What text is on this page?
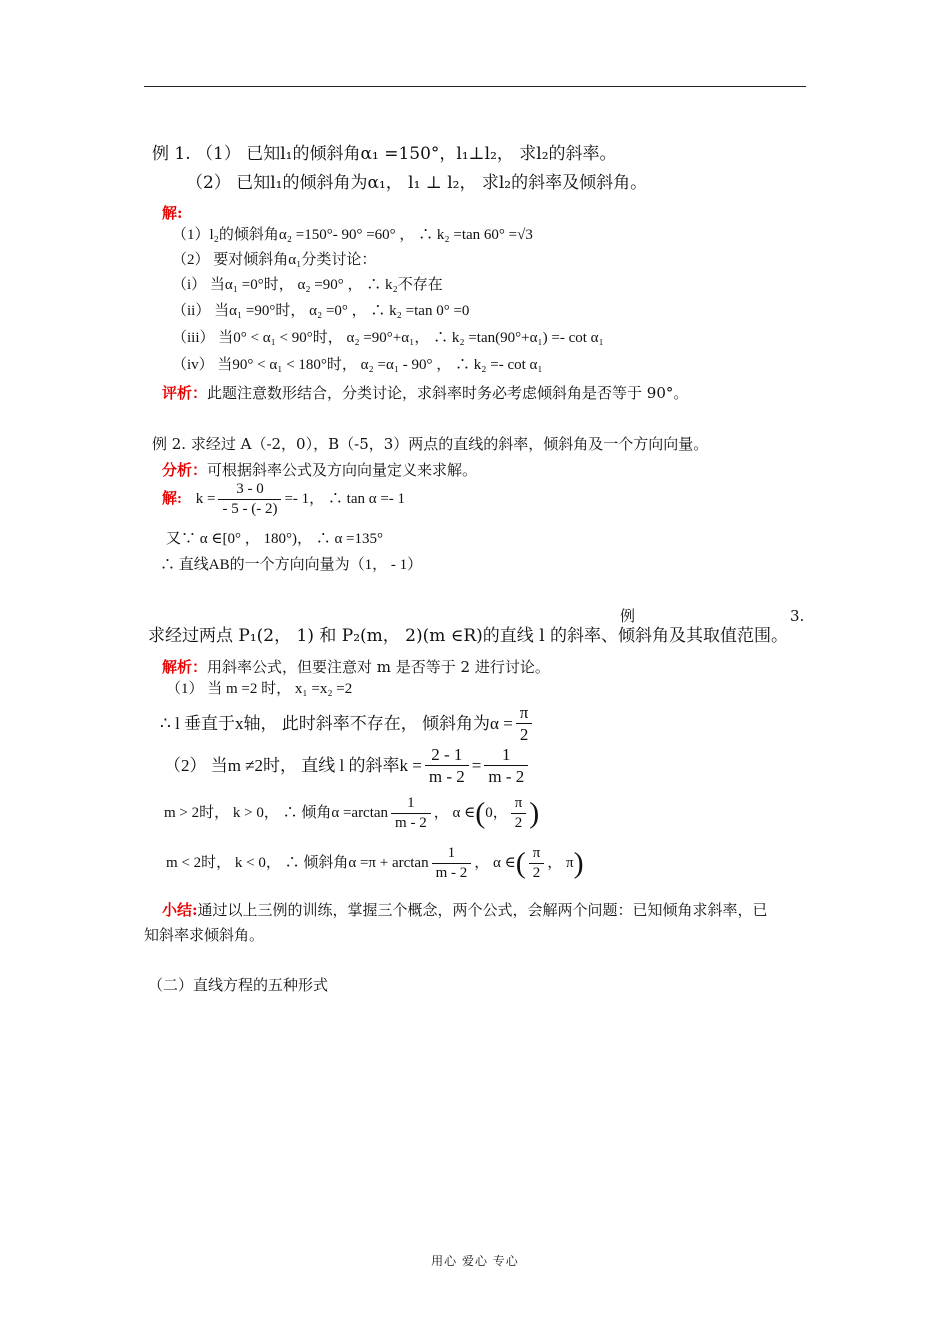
例 1. （1） 已知l₁的倾斜角α₁ =150°，l₁⊥l₂， 求l₂的斜率。
（2） 已知l₁的倾斜角为α₁， l₁ ⊥ l₂， 求l₂的斜率及倾斜角。
解:
（1）l₂的倾斜角α₂ =150°- 90° =60° ， ∴ k₂ =tan 60° =√3
（2） 要对倾斜角α₁分类讨论：
（i） 当α₁ =0°时， α₂ =90° ， ∴ k₂不存在
（ii） 当α₁ =90°时， α₂ =0° ， ∴ k₂ =tan 0° =0
（iii） 当0° < α₁ < 90°时， α₂ =90°+α₁， ∴ k₂ =tan(90°+α₁) =- cot α₁
（iv） 当90° < α₁ < 180°时， α₂ =α₁ - 90° ， ∴ k₂ =- cot α₁
评析：此题注意数形结合，分类讨论，求斜率时务必考虑倾斜角是否等于 90°。
例 2. 求经过 A（-2，0），B（-5，3）两点的直线的斜率，倾斜角及一个方向向量。
分析：可根据斜率公式及方向向量定义来求解。
解: $k = \frac{3 - 0}{- 5 - (- 2)} =- 1$， ∴ tan α =- 1
又∵ α ∈[0° ， 180°)， ∴ α =135°
∴ 直线AB的一个方向向量为（1， - 1）
例	3.
求经过两点 P₁(2， 1) 和 P₂(m， 2)(m ∈R)的直线 l 的斜率、倾斜角及其取值范围。
解析：用斜率公式，但要注意对 m 是否等于 2 进行讨论。
（1） 当 m =2 时， x₁ =x₂ =2
∴ l 垂直于x轴， 此时斜率不存在， 倾斜角为$\alpha = \frac{\pi}{2}$
（2） 当m ≠2时， 直线 l 的斜率$k = \frac{2 - 1}{m - 2} = \frac{1}{m - 2}$
m > 2时， k > 0， ∴ 倾角$\alpha =\arctan \frac{1}{m - 2}$ ， α ∈(0， $\frac{\pi}{2}$ )
m < 2时， k < 0， ∴ 倾斜角$\alpha =\pi + \arctan \frac{1}{m - 2}$ ， α ∈( $\frac{\pi}{2}$ ， π)
小结:通过以上三例的训练，掌握三个概念，两个公式，会解两个问题：已知倾角求斜率，已
知斜率求倾斜角。
（二）直线方程的五种形式
用心 爱心 专心
